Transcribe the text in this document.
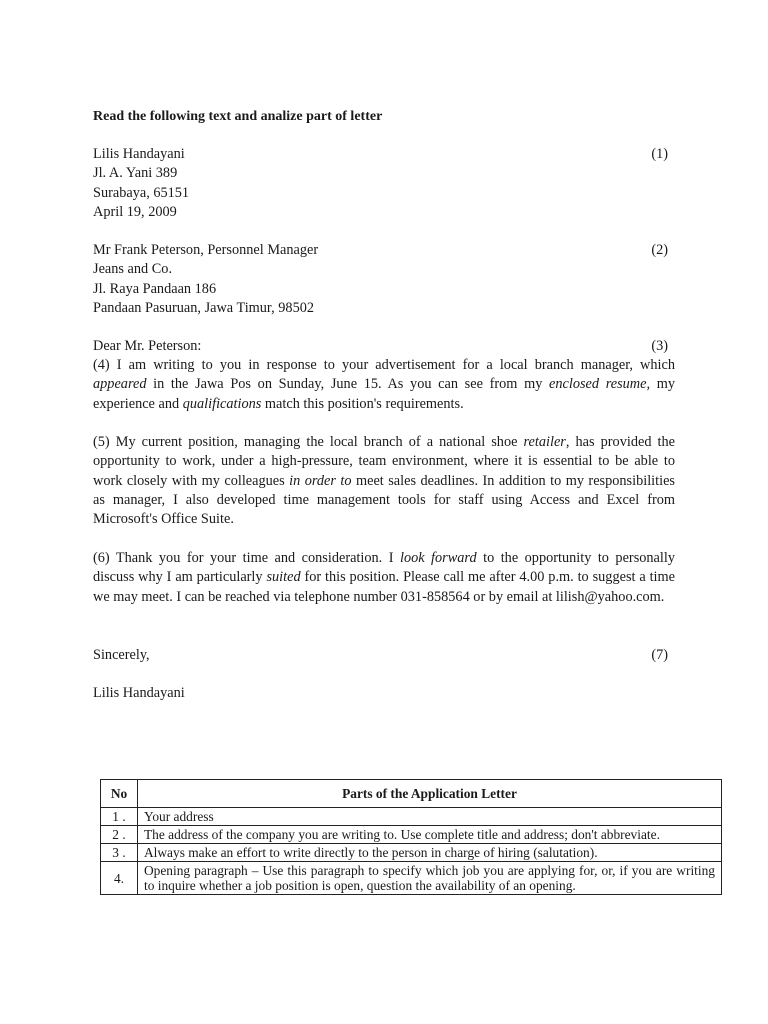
Read the following text and analize part of letter
Lilis Handayani	(1)
Jl. A. Yani 389
Surabaya, 65151
April 19, 2009
Mr Frank Peterson, Personnel Manager	(2)
Jeans and Co.
Jl. Raya Pandaan 186
Pandaan Pasuruan, Jawa Timur, 98502
Dear Mr. Peterson:	(3)

(4) I am writing to you in response to your advertisement for a local branch manager, which appeared in the Jawa Pos on Sunday, June 15. As you can see from my enclosed resume, my experience and qualifications match this position's requirements.

(5) My current position, managing the local branch of a national shoe retailer, has provided the opportunity to work, under a high-pressure, team environment, where it is essential to be able to work closely with my colleagues in order to meet sales deadlines. In addition to my responsibilities as manager, I also developed time management tools for staff using Access and Excel from Microsoft's Office Suite.

(6) Thank you for your time and consideration. I look forward to the opportunity to personally discuss why I am particularly suited for this position. Please call me after 4.00 p.m. to suggest a time we may meet. I can be reached via telephone number 031-858564 or by email at lilish@yahoo.com.

Sincerely,	(7)
Lilis Handayani
No	Parts of the Application Letter
1 .	Your address
2 .	The address of the company you are writing to. Use complete title and address; don't abbreviate.
3 .	Always make an effort to write directly to the person in charge of hiring (salutation).
4.	Opening paragraph – Use this paragraph to specify which job you are applying for, or, if you are writing to inquire whether a job position is open, question the availability of an opening.
